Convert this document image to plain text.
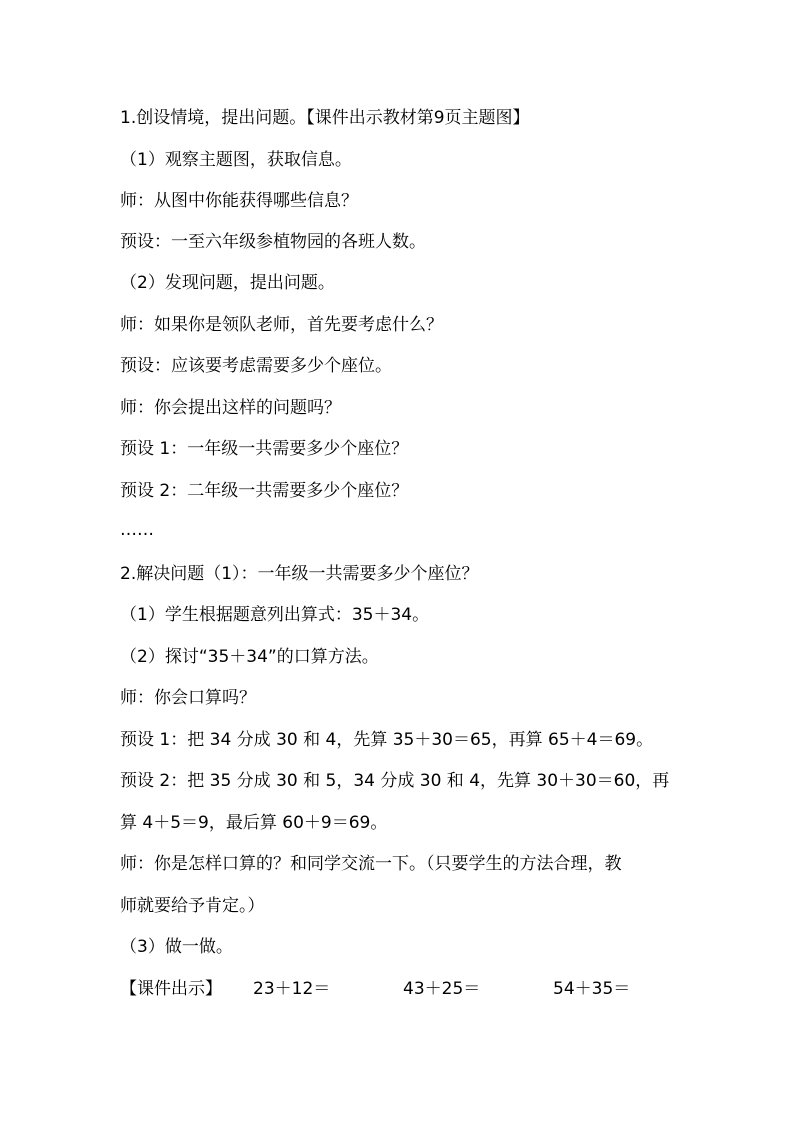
1.创设情境，提出问题。【课件出示教材第9页主题图】
（1）观察主题图，获取信息。
师：从图中你能获得哪些信息？
预设：一至六年级参植物园的各班人数。
（2）发现问题，提出问题。
师：如果你是领队老师，首先要考虑什么？
预设：应该要考虑需要多少个座位。
师：你会提出这样的问题吗？
预设 1：一年级一共需要多少个座位？
预设 2：二年级一共需要多少个座位？
……
2.解决问题（1）：一年级一共需要多少个座位？
（1）学生根据题意列出算式：35＋34。
（2）探讨“35＋34”的口算方法。
师：你会口算吗？
预设 1：把 34 分成 30 和 4，先算 35＋30＝65，再算 65＋4＝69。
预设 2：把 35 分成 30 和 5，34 分成 30 和 4，先算 30＋30＝60，再
算 4＋5＝9，最后算 60＋9＝69。
师：你是怎样口算的？和同学交流一下。（只要学生的方法合理，教
师就要给予肯定。）
（3）做一做。
【课件出示】	23＋12＝	43＋25＝	54＋35＝
